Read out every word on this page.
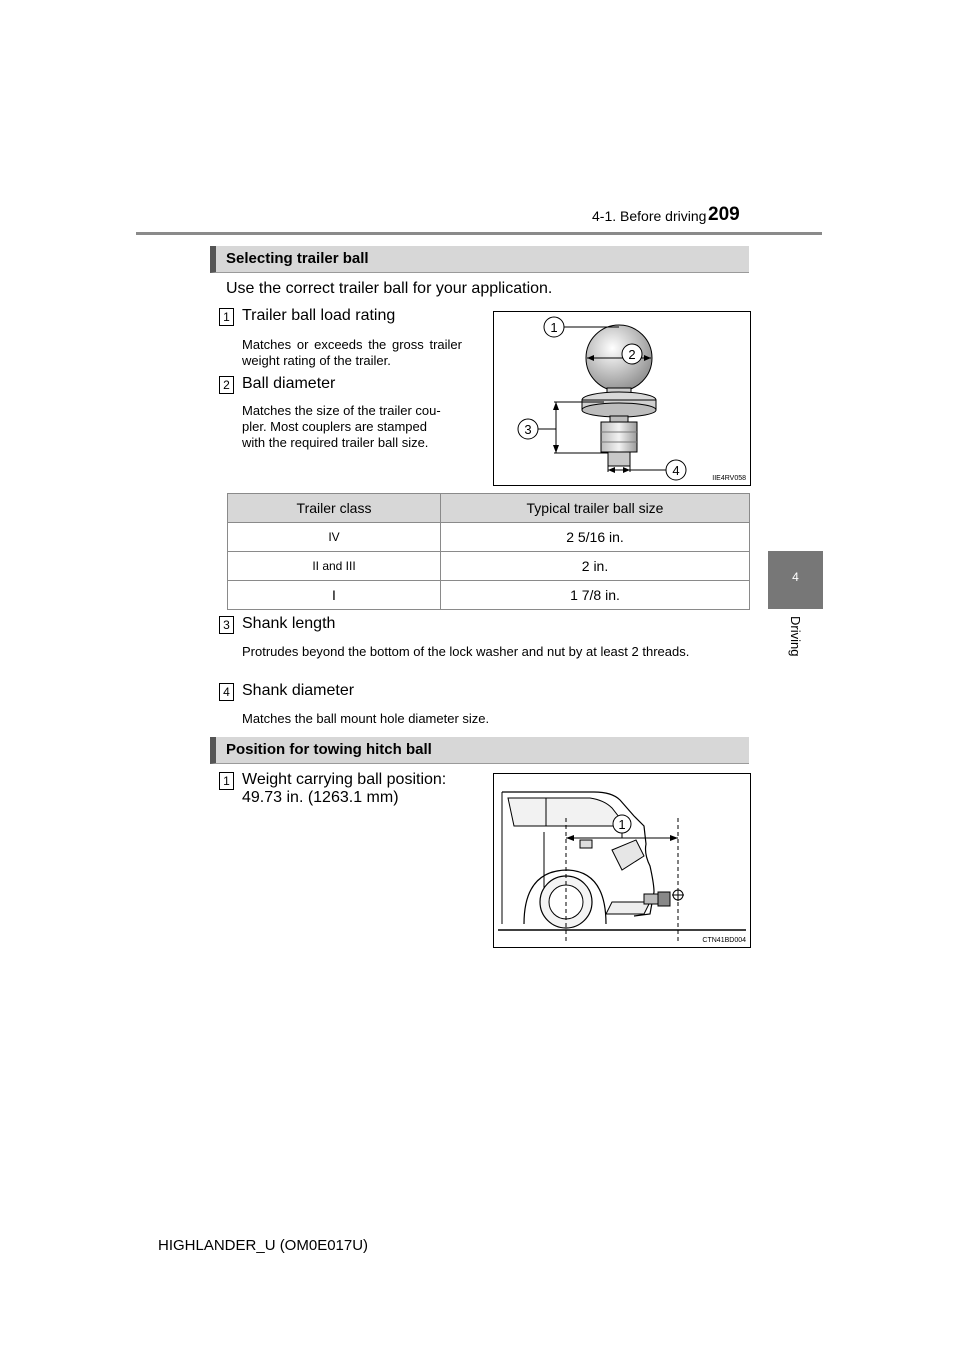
4-1. Before driving 209
4
Driving
Selecting trailer ball
Use the correct trailer ball for your application.
1 Trailer ball load rating
Matches or exceeds the gross trailer weight rating of the trailer.
2 Ball diameter
Matches the size of the trailer cou-
pler. Most couplers are stamped
with the required trailer ball size.
1
2
3
4
IIE4RV058
Trailer class	Typical trailer ball size
IV	2 5/16 in.
II and III	2 in.
I	1 7/8 in.
3 Shank length
Protrudes beyond the bottom of the lock washer and nut by at least 2 threads.
4 Shank diameter
Matches the ball mount hole diameter size.
Position for towing hitch ball
1 Weight carrying ball position:
49.73 in. (1263.1 mm)
1
CTN41BD004
HIGHLANDER_U (OM0E017U)
